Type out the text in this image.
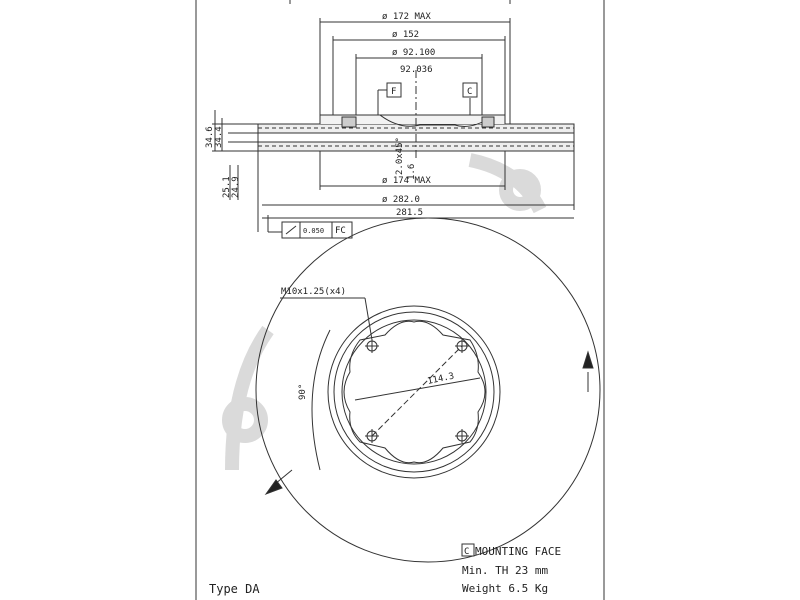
ø 172 MAX
ø 152
ø 92.100
92.036
F	C
2.0x45° 1.6
34.6 34.4
25.1 24.9	ø 174 MAX
ø 282.0
281.5
0.050 FC
M10x1.25(x4)
114.3
90°
C MOUNTING FACE
Min. TH 23 mm
Weight 6.5 Kg
Type DA
